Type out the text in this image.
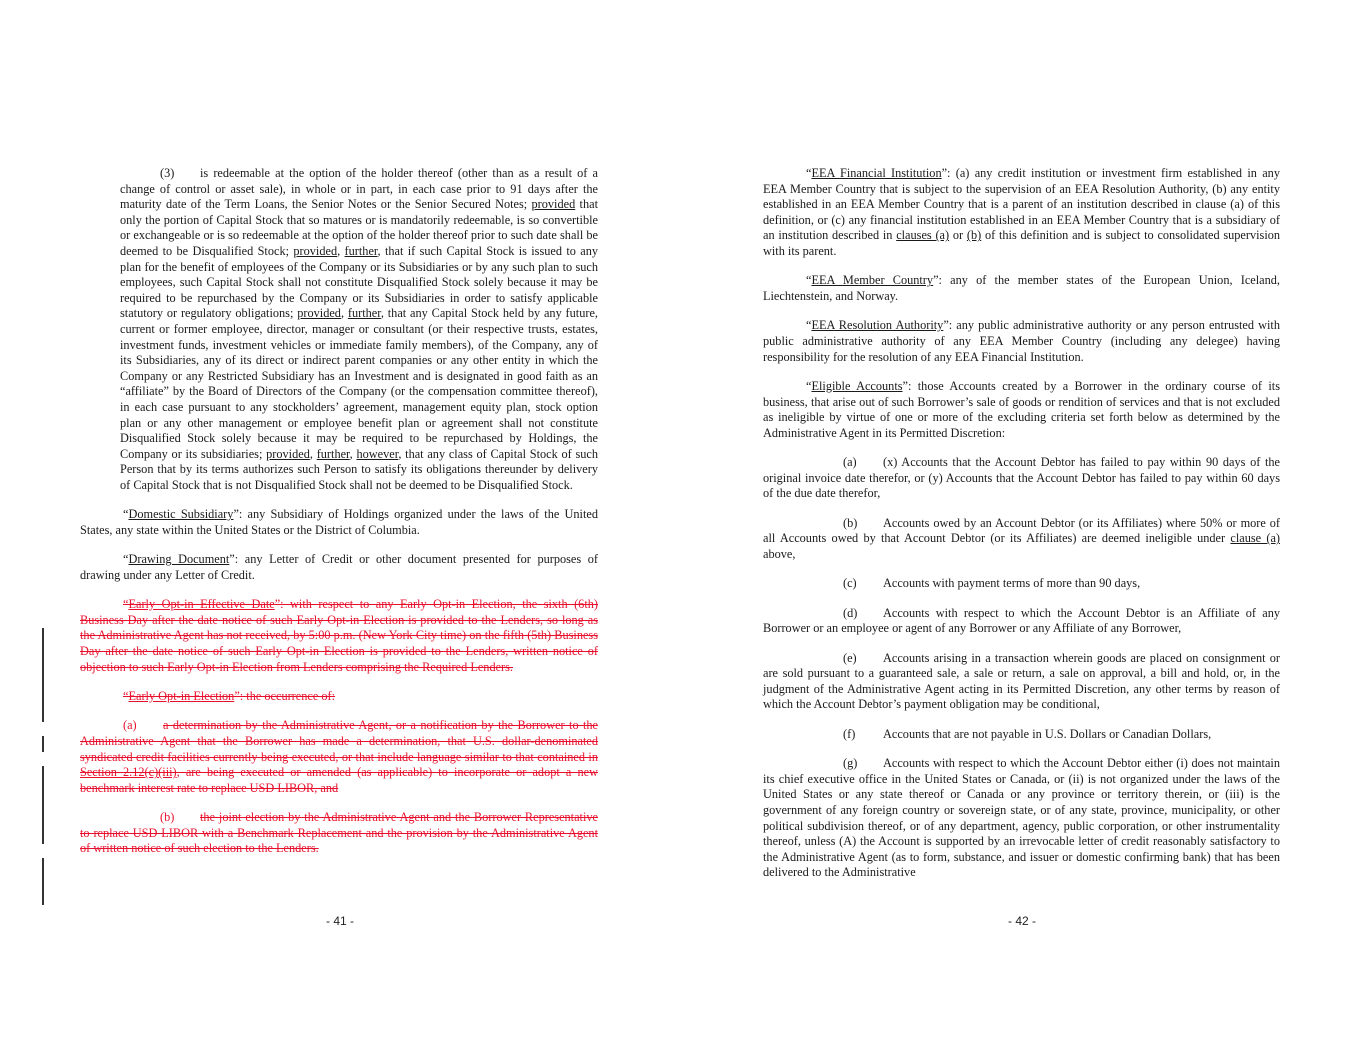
(3) is redeemable at the option of the holder thereof (other than as a result of a change of control or asset sale), in whole or in part, in each case prior to 91 days after the maturity date of the Term Loans, the Senior Notes or the Senior Secured Notes; provided that only the portion of Capital Stock that so matures or is mandatorily redeemable, is so convertible or exchangeable or is so redeemable at the option of the holder thereof prior to such date shall be deemed to be Disqualified Stock; provided, further, that if such Capital Stock is issued to any plan for the benefit of employees of the Company or its Subsidiaries or by any such plan to such employees, such Capital Stock shall not constitute Disqualified Stock solely because it may be required to be repurchased by the Company or its Subsidiaries in order to satisfy applicable statutory or regulatory obligations; provided, further, that any Capital Stock held by any future, current or former employee, director, manager or consultant (or their respective trusts, estates, investment funds, investment vehicles or immediate family members), of the Company, any of its Subsidiaries, any of its direct or indirect parent companies or any other entity in which the Company or any Restricted Subsidiary has an Investment and is designated in good faith as an “affiliate” by the Board of Directors of the Company (or the compensation committee thereof), in each case pursuant to any stockholders’ agreement, management equity plan, stock option plan or any other management or employee benefit plan or agreement shall not constitute Disqualified Stock solely because it may be required to be repurchased by Holdings, the Company or its subsidiaries; provided, further, however, that any class of Capital Stock of such Person that by its terms authorizes such Person to satisfy its obligations thereunder by delivery of Capital Stock that is not Disqualified Stock shall not be deemed to be Disqualified Stock.

“Domestic Subsidiary”: any Subsidiary of Holdings organized under the laws of the United States, any state within the United States or the District of Columbia.

“Drawing Document”: any Letter of Credit or other document presented for purposes of drawing under any Letter of Credit.

“Early Opt-in Effective Date”: with respect to any Early Opt-in Election, the sixth (6th) Business Day after the date notice of such Early Opt-in Election is provided to the Lenders, so long as the Administrative Agent has not received, by 5:00 p.m. (New York City time) on the fifth (5th) Business Day after the date notice of such Early Opt-in Election is provided to the Lenders, written notice of objection to such Early Opt-in Election from Lenders comprising the Required Lenders.

“Early Opt-in Election”: the occurrence of:

(a) a determination by the Administrative Agent, or a notification by the Borrower to the Administrative Agent that the Borrower has made a determination, that U.S. dollar-denominated syndicated credit facilities currently being executed, or that include language similar to that contained in Section 2.12(c)(iii), are being executed or amended (as applicable) to incorporate or adopt a new benchmark interest rate to replace USD LIBOR, and

(b) the joint election by the Administrative Agent and the Borrower Representative to replace USD LIBOR with a Benchmark Replacement and the provision by the Administrative Agent of written notice of such election to the Lenders.

- 41 -

“EEA Financial Institution”: (a) any credit institution or investment firm established in any EEA Member Country that is subject to the supervision of an EEA Resolution Authority, (b) any entity established in an EEA Member Country that is a parent of an institution described in clause (a) of this definition, or (c) any financial institution established in an EEA Member Country that is a subsidiary of an institution described in clauses (a) or (b) of this definition and is subject to consolidated supervision with its parent.

“EEA Member Country”: any of the member states of the European Union, Iceland, Liechtenstein, and Norway.

“EEA Resolution Authority”: any public administrative authority or any person entrusted with public administrative authority of any EEA Member Country (including any delegee) having responsibility for the resolution of any EEA Financial Institution.

“Eligible Accounts”: those Accounts created by a Borrower in the ordinary course of its business, that arise out of such Borrower’s sale of goods or rendition of services and that is not excluded as ineligible by virtue of one or more of the excluding criteria set forth below as determined by the Administrative Agent in its Permitted Discretion:

(a) (x) Accounts that the Account Debtor has failed to pay within 90 days of the original invoice date therefor, or (y) Accounts that the Account Debtor has failed to pay within 60 days of the due date therefor,

(b) Accounts owed by an Account Debtor (or its Affiliates) where 50% or more of all Accounts owed by that Account Debtor (or its Affiliates) are deemed ineligible under clause (a) above,

(c) Accounts with payment terms of more than 90 days,

(d) Accounts with respect to which the Account Debtor is an Affiliate of any Borrower or an employee or agent of any Borrower or any Affiliate of any Borrower,

(e) Accounts arising in a transaction wherein goods are placed on consignment or are sold pursuant to a guaranteed sale, a sale or return, a sale on approval, a bill and hold, or, in the judgment of the Administrative Agent acting in its Permitted Discretion, any other terms by reason of which the Account Debtor’s payment obligation may be conditional,

(f) Accounts that are not payable in U.S. Dollars or Canadian Dollars,

(g) Accounts with respect to which the Account Debtor either (i) does not maintain its chief executive office in the United States or Canada, or (ii) is not organized under the laws of the United States or any state thereof or Canada or any province or territory therein, or (iii) is the government of any foreign country or sovereign state, or of any state, province, municipality, or other political subdivision thereof, or of any department, agency, public corporation, or other instrumentality thereof, unless (A) the Account is supported by an irrevocable letter of credit reasonably satisfactory to the Administrative Agent (as to form, substance, and issuer or domestic confirming bank) that has been delivered to the Administrative

- 42 -
